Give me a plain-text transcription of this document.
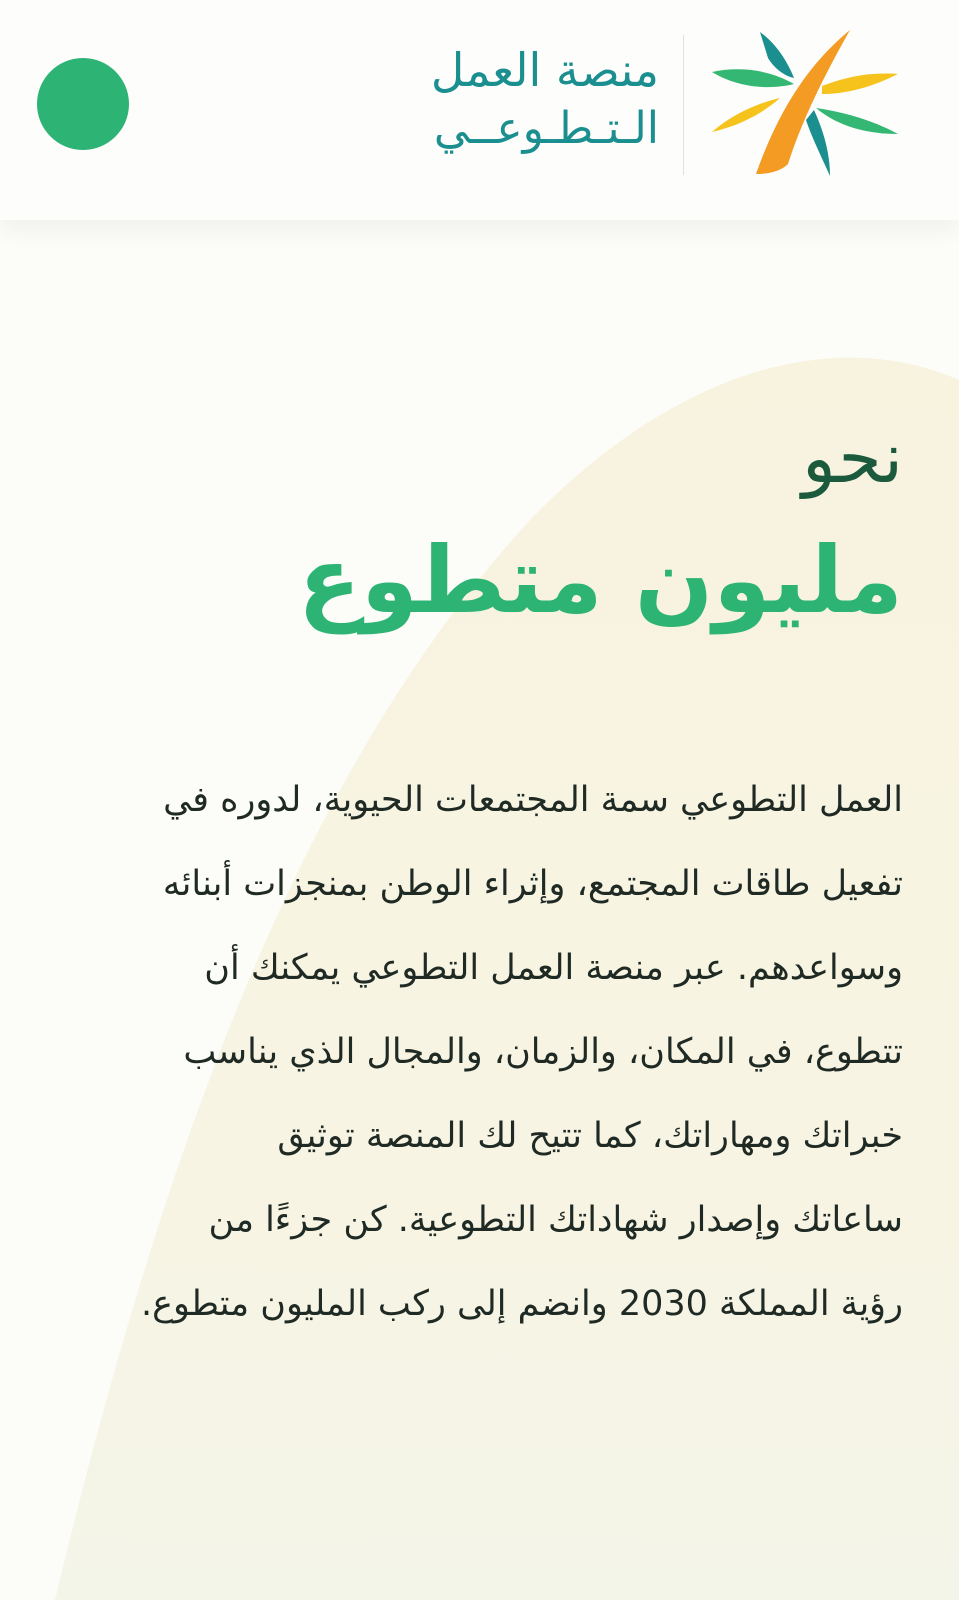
منصة العمل
الـتـطـوعــي
نحو
مليون متطوع

العمل التطوعي سمة المجتمعات الحيوية، لدوره في
تفعيل طاقات المجتمع، وإثراء الوطن بمنجزات أبنائه
وسواعدهم. عبر منصة العمل التطوعي يمكنك أن
تتطوع، في المكان، والزمان، والمجال الذي يناسب
خبراتك ومهاراتك، كما تتيح لك المنصة توثيق
ساعاتك وإصدار شهاداتك التطوعية. كن جزءًا من
رؤية المملكة 2030 وانضم إلى ركب المليون متطوع.
